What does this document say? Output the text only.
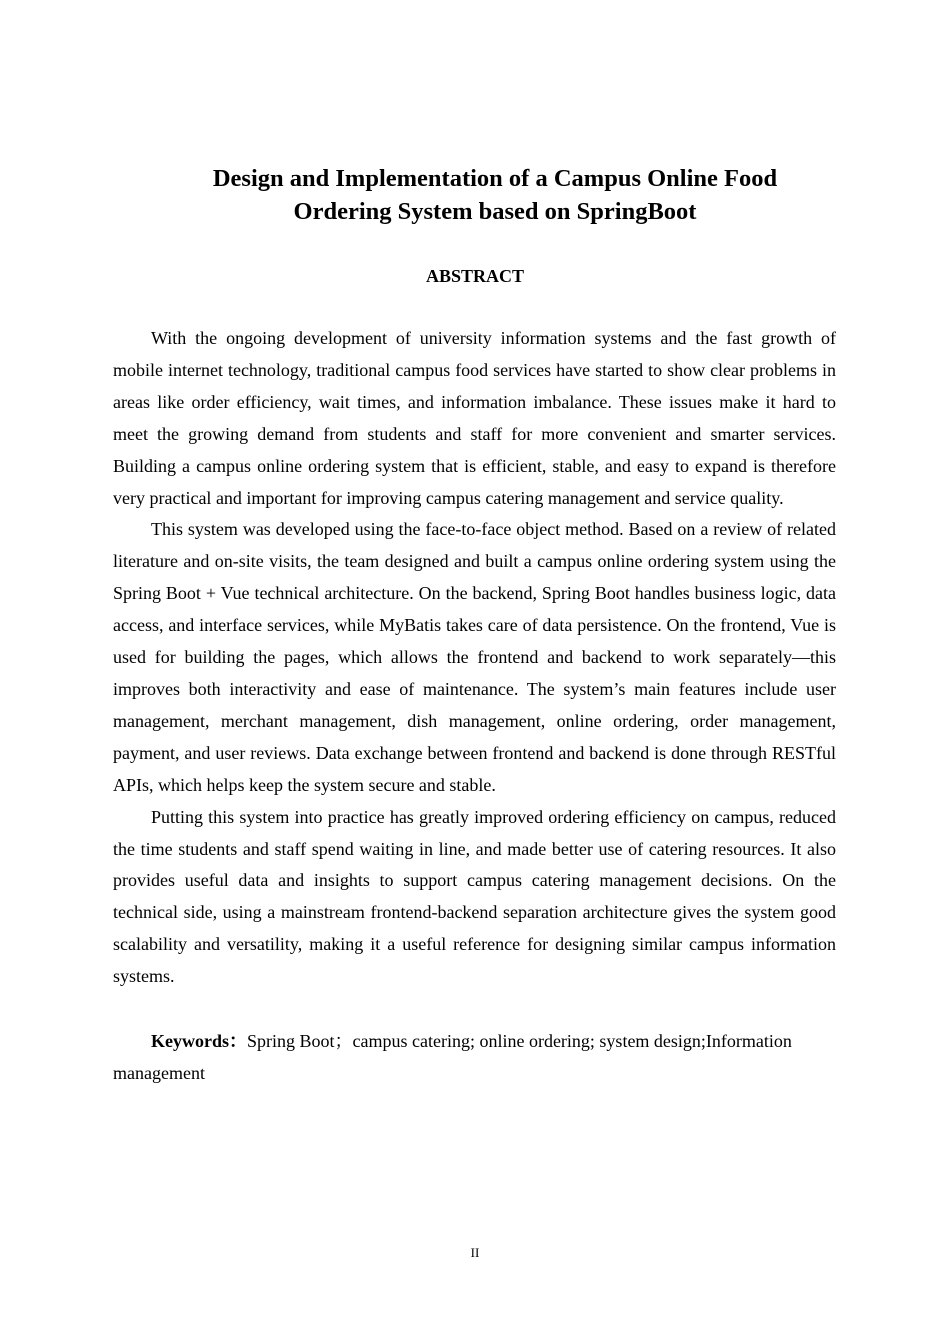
Design and Implementation of a Campus Online Food
Ordering System based on SpringBoot
ABSTRACT

With the ongoing development of university information systems and the fast growth of mobile internet technology, traditional campus food services have started to show clear problems in areas like order efficiency, wait times, and information imbalance. These issues make it hard to meet the growing demand from students and staff for more convenient and smarter services. Building a campus online ordering system that is efficient, stable, and easy to expand is therefore very practical and important for improving campus catering management and service quality.

This system was developed using the face-to-face object method. Based on a review of related literature and on-site visits, the team designed and built a campus online ordering system using the Spring Boot + Vue technical architecture. On the backend, Spring Boot handles business logic, data access, and interface services, while MyBatis takes care of data persistence. On the frontend, Vue is used for building the pages, which allows the frontend and backend to work separately—this improves both interactivity and ease of maintenance. The system’s main features include user management, merchant management, dish management, online ordering, order management, payment, and user reviews. Data exchange between frontend and backend is done through RESTful APIs, which helps keep the system secure and stable.

Putting this system into practice has greatly improved ordering efficiency on campus, reduced the time students and staff spend waiting in line, and made better use of catering resources. It also provides useful data and insights to support campus catering management decisions. On the technical side, using a mainstream frontend-backend separation architecture gives the system good scalability and versatility, making it a useful reference for designing similar campus information systems.

Keywords：Spring Boot；campus catering; online ordering; system design;Information management

II
